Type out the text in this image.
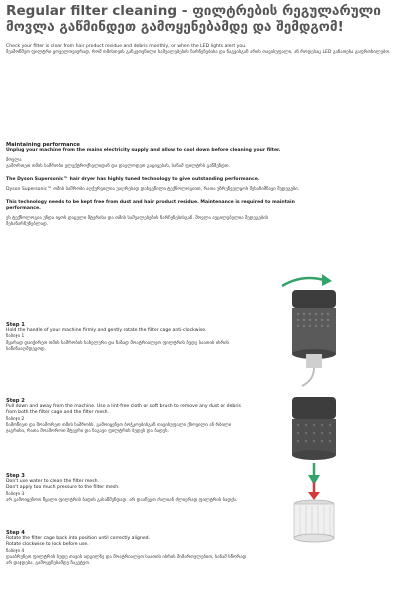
Regular filter cleaning - ფილტრების რეგულარული მოვლა გაწმინდეთ გამოყენებამდე და შემდგომ!
Check your filter is clear from hair product residue and debris monthly, or when the LED lights alert you.
შეამოწმეთ ფილტრი ყოველთვიურად, რომ თმისთვის განკუთვნილი საშუალებების ნარჩენებისა და ნაგვისგან არის თავისუფალი, ან როდესაც LED განათება გაფრთხილებთ.
Maintaining performance

Unplug your machine from the mains electricity supply and allow to cool down before cleaning your filter.

მოვლა

გამორთეთ თმის საშრობი ელექტროქსელიდან და დაელოდეთ გაცივებას, სანამ ფილტრს გაწმენდთ.

The Dyson Supersonic™ hair dryer has highly tuned technology to give outstanding performance.

Dyson Supersonic™ თმის საშრობი აღჭურვილია უაღრესად დახვეწილი ტექნოლოგიით, რათა უზრუნველყოს შესანიშნავი შედეგები.

This technology needs to be kept free from dust and hair product residue. Maintenance is required to maintain performance.

ეს ტექნოლოგია უნდა იყოს დაცული მტვრისა და თმის საშუალებების ნარჩენებისგან. მოვლა აუცილებელია შედეგების შესანარჩუნებლად.

Step 1
Hold the handle of your machine firmly and gently rotate the filter cage anti-clockwise.
ნაბიჯი 1
მყარად დაიჭირეთ თმის საშრობის სახელური და ნაზად მოატრიალეთ ფილტრის ბუდე საათის ისრის საწინააღმდეგოდ.
Step 2
Pull down and away from the machine. Use a lint-free cloth or soft brush to remove any dust or debris from both the filter cage and the filter mesh.
ნაბიჯი 2
ჩამოწიეთ და მოაშორეთ თმის საშრობს. გამოიყენეთ ბოჭკოებისგან თავისუფალი ქსოვილი ან რბილი ჯაგრისი, რათა მოაშოროთ მტვერი და ნაგავი ფილტრის ბუდეს და ბადეს.
Step 3
Don't use water to clean the filter mesh.
Don't apply too much pressure to the filter mesh.
ნაბიჯი 3
არ გამოიყენოთ წყალი ფილტრის ბადის გასაწმენდად. არ დააწვეთ ძალიან ძლიერად ფილტრის ბადეს.
Step 4
Rotate the filter cage back into position until correctly aligned.
Rotate clockwise to lock before use.
ნაბიჯი 4
დააბრუნეთ ფილტრის ბუდე თავის ადგილზე და მოატრიალეთ საათის ისრის მიმართულებით, სანამ სწორად არ დაჯდება. გამოყენებამდე ჩაკეტეთ.
